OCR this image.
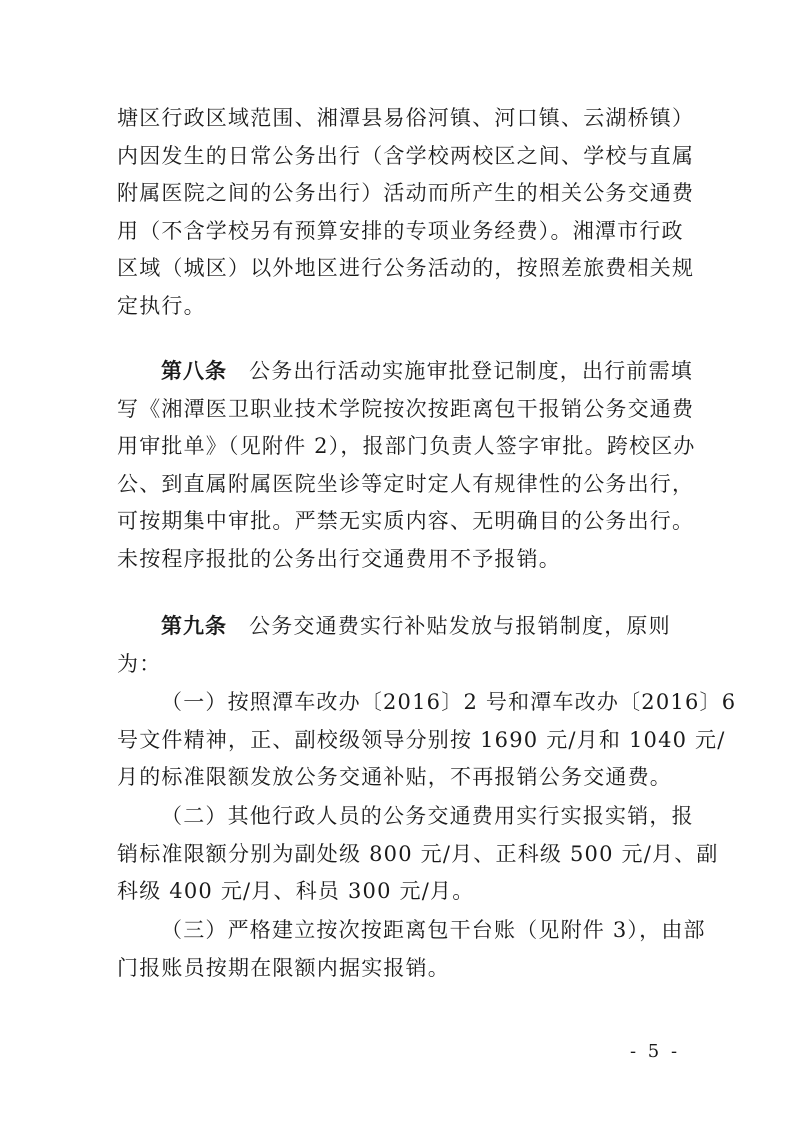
塘区行政区域范围、湘潭县易俗河镇、河口镇、云湖桥镇）
内因发生的日常公务出行（含学校两校区之间、学校与直属
附属医院之间的公务出行）活动而所产生的相关公务交通费
用（不含学校另有预算安排的专项业务经费）。湘潭市行政
区域（城区）以外地区进行公务活动的，按照差旅费相关规
定执行。
第八条 公务出行活动实施审批登记制度，出行前需填
写《湘潭医卫职业技术学院按次按距离包干报销公务交通费
用审批单》（见附件 2），报部门负责人签字审批。跨校区办
公、到直属附属医院坐诊等定时定人有规律性的公务出行，
可按期集中审批。严禁无实质内容、无明确目的公务出行。
未按程序报批的公务出行交通费用不予报销。
第九条 公务交通费实行补贴发放与报销制度，原则
为：
（一）按照潭车改办〔2016〕2 号和潭车改办〔2016〕6
号文件精神，正、副校级领导分别按 1690 元/月和 1040 元/
月的标准限额发放公务交通补贴，不再报销公务交通费。
（二）其他行政人员的公务交通费用实行实报实销，报
销标准限额分别为副处级 800 元/月、正科级 500 元/月、副
科级 400 元/月、科员 300 元/月。
（三）严格建立按次按距离包干台账（见附件 3），由部
门报账员按期在限额内据实报销。
- 5 -
